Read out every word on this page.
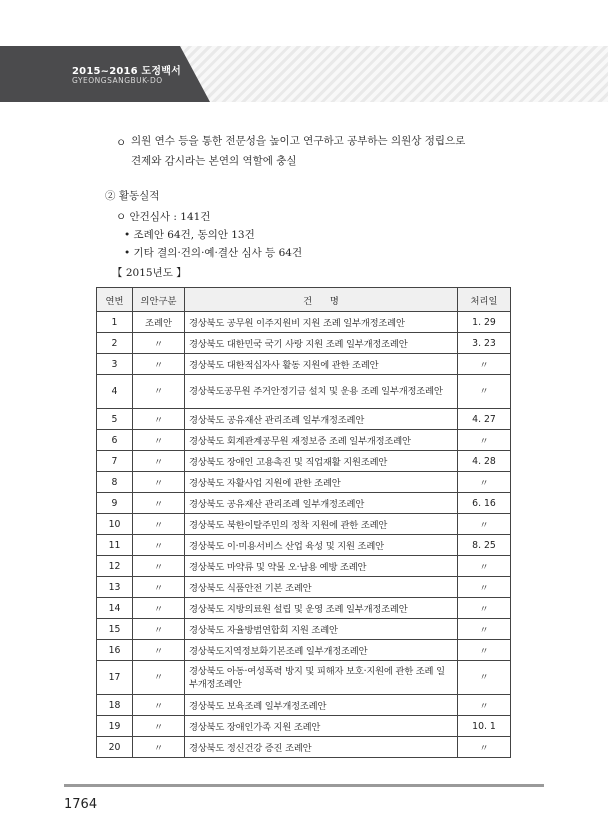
2015~2016 도정백서
GYEONGSANGBUK-DO
ㅇ 의원 연수 등을 통한 전문성을 높이고 연구하고 공부하는 의원상 정립으로
견제와 감시라는 본연의 역할에 충실
② 활동실적
ㅇ 안건심사 : 141건
• 조례안 64건, 동의안 13건
• 기타 결의·건의·예·결산 심사 등 64건
【 2015년도 】
연번	의안구분	건      명	처리일
1	조례안	경상북도 공무원 이주지원비 지원 조례 일부개정조례안	1. 29
2	〃	경상북도 대한민국 국기 사랑 지원 조례 일부개정조례안	3. 23
3	〃	경상북도 대한적십자사 활동 지원에 관한 조례안	〃
4	〃	경상북도공무원 주거안정기금 설치 및 운용 조례 일부개정조례안	〃
5	〃	경상북도 공유재산 관리조례 일부개정조례안	4. 27
6	〃	경상북도 회계관계공무원 재정보증 조례 일부개정조례안	〃
7	〃	경상북도 장애인 고용촉진 및 직업재활 지원조례안	4. 28
8	〃	경상북도 자활사업 지원에 관한 조례안	〃
9	〃	경상북도 공유재산 관리조례 일부개정조례안	6. 16
10	〃	경상북도 북한이탈주민의 정착 지원에 관한 조례안	〃
11	〃	경상북도 이·미용서비스 산업 육성 및 지원 조례안	8. 25
12	〃	경상북도 마약류 및 약물 오·남용 예방 조례안	〃
13	〃	경상북도 식품안전 기본 조례안	〃
14	〃	경상북도 지방의료원 설립 및 운영 조례 일부개정조례안	〃
15	〃	경상북도 자율방범연합회 지원 조례안	〃
16	〃	경상북도지역정보화기본조례 일부개정조례안	〃
17	〃	경상북도 아동·여성폭력 방지 및 피해자 보호·지원에 관한 조례 일부개정조례안	〃
18	〃	경상북도 보육조례 일부개정조례안	〃
19	〃	경상북도 장애인가족 지원 조례안	10. 1
20	〃	경상북도 정신건강 증진 조례안	〃
1764
